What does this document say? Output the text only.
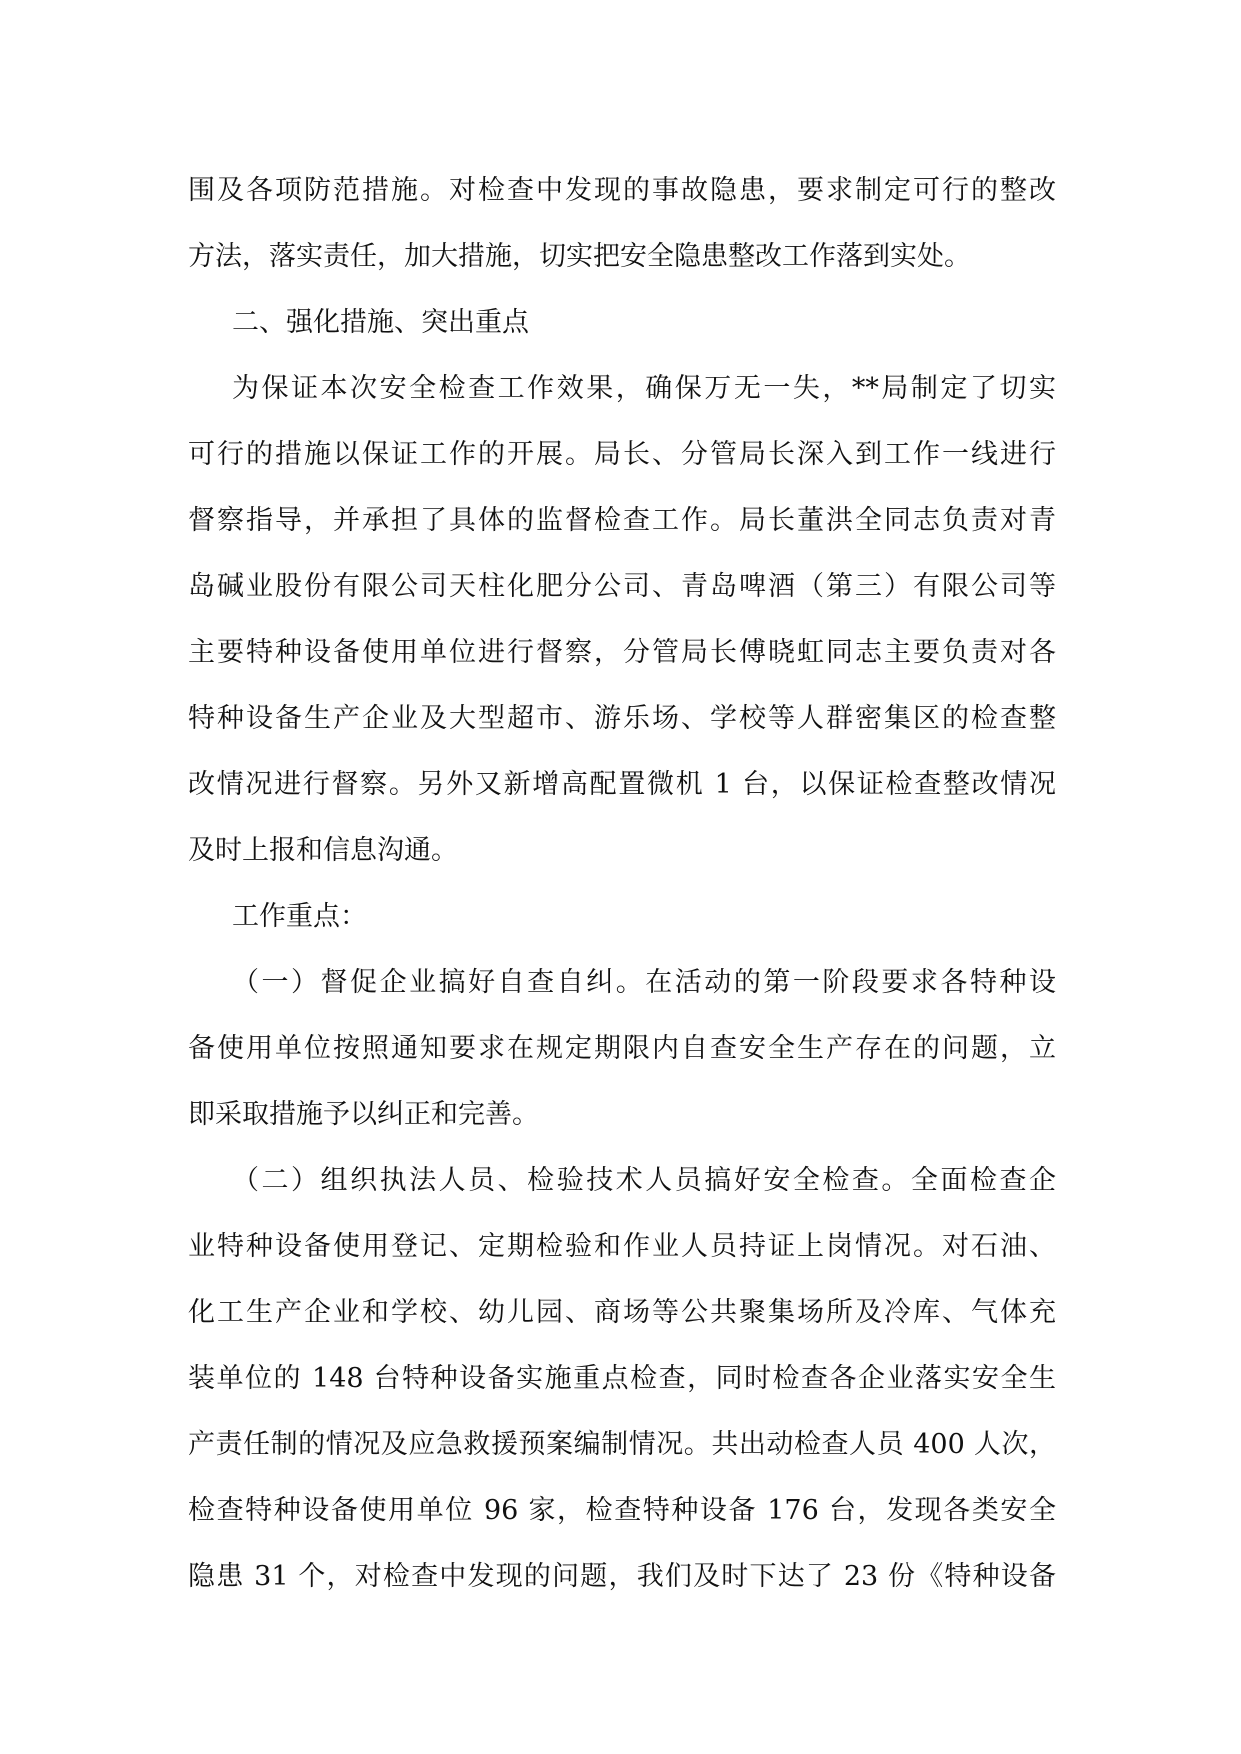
围及各项防范措施。对检查中发现的事故隐患，要求制定可行的整改
方法，落实责任，加大措施，切实把安全隐患整改工作落到实处。
二、强化措施、突出重点
为保证本次安全检查工作效果，确保万无一失，**局制定了切实
可行的措施以保证工作的开展。局长、分管局长深入到工作一线进行
督察指导，并承担了具体的监督检查工作。局长董洪全同志负责对青
岛碱业股份有限公司天柱化肥分公司、青岛啤酒（第三）有限公司等
主要特种设备使用单位进行督察，分管局长傅晓虹同志主要负责对各
特种设备生产企业及大型超市、游乐场、学校等人群密集区的检查整
改情况进行督察。另外又新增高配置微机 1 台，以保证检查整改情况
及时上报和信息沟通。
工作重点：
（一）督促企业搞好自查自纠。在活动的第一阶段要求各特种设
备使用单位按照通知要求在规定期限内自查安全生产存在的问题，立
即采取措施予以纠正和完善。
（二）组织执法人员、检验技术人员搞好安全检查。全面检查企
业特种设备使用登记、定期检验和作业人员持证上岗情况。对石油、
化工生产企业和学校、幼儿园、商场等公共聚集场所及冷库、气体充
装单位的 148 台特种设备实施重点检查，同时检查各企业落实安全生
产责任制的情况及应急救援预案编制情况。共出动检查人员 400 人次，
检查特种设备使用单位 96 家，检查特种设备 176 台，发现各类安全
隐患 31 个，对检查中发现的问题，我们及时下达了 23 份《特种设备
